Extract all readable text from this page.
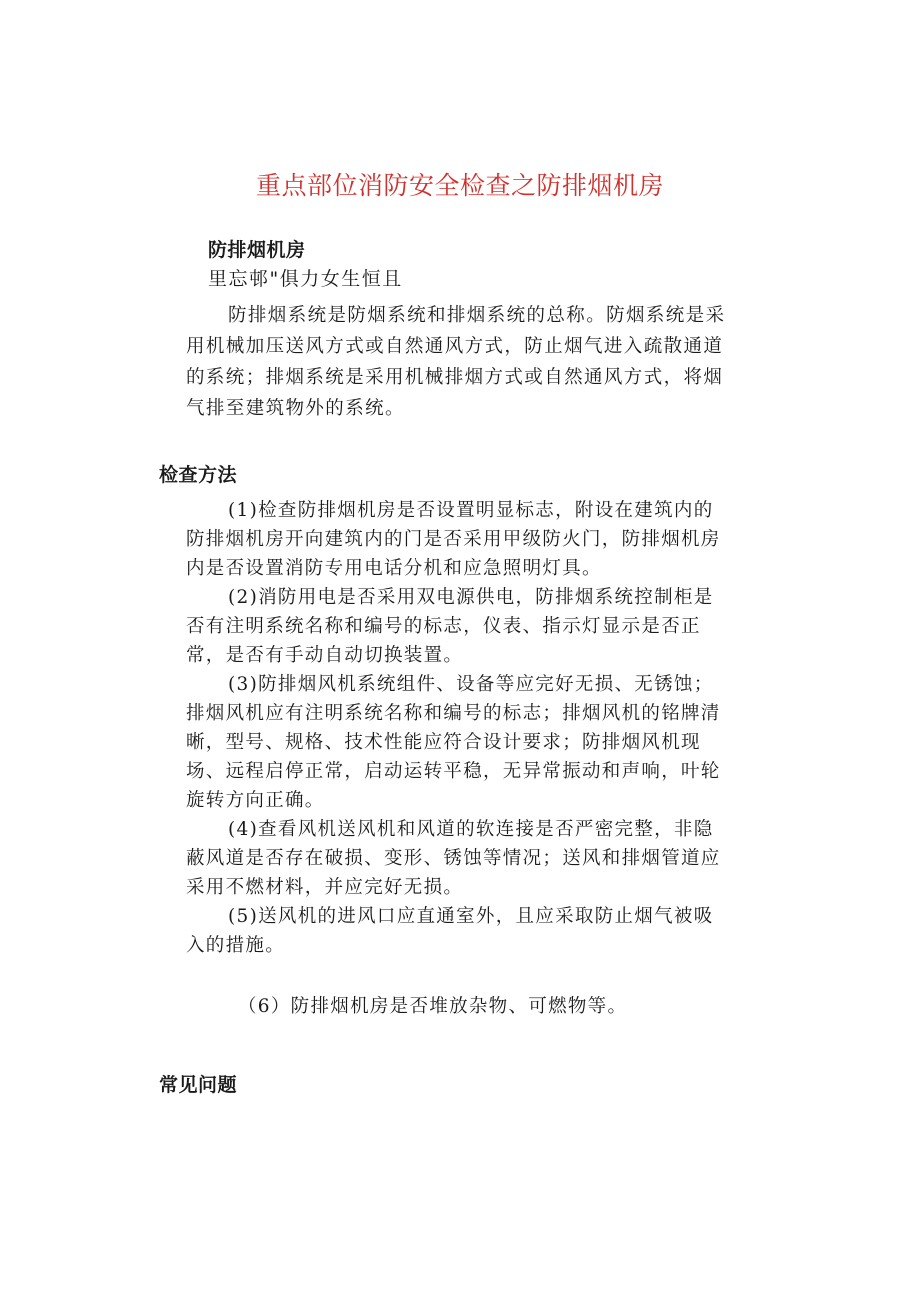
重点部位消防安全检查之防排烟机房
防排烟机房
里忘邨"俱力女生恒且

防排烟系统是防烟系统和排烟系统的总称。防烟系统是采用机械加压送风方式或自然通风方式，防止烟气进入疏散通道的系统；排烟系统是采用机械排烟方式或自然通风方式，将烟气排至建筑物外的系统。

检查方法

(1)检查防排烟机房是否设置明显标志，附设在建筑内的防排烟机房开向建筑内的门是否采用甲级防火门，防排烟机房内是否设置消防专用电话分机和应急照明灯具。

(2)消防用电是否采用双电源供电，防排烟系统控制柜是否有注明系统名称和编号的标志，仪表、指示灯显示是否正常，是否有手动自动切换装置。

(3)防排烟风机系统组件、设备等应完好无损、无锈蚀；排烟风机应有注明系统名称和编号的标志；排烟风机的铭牌清晰，型号、规格、技术性能应符合设计要求；防排烟风机现场、远程启停正常，启动运转平稳，无异常振动和声响，叶轮旋转方向正确。

(4)查看风机送风机和风道的软连接是否严密完整，非隐蔽风道是否存在破损、变形、锈蚀等情况；送风和排烟管道应采用不燃材料，并应完好无损。

(5)送风机的进风口应直通室外，且应采取防止烟气被吸入的措施。

（6）防排烟机房是否堆放杂物、可燃物等。

常见问题
